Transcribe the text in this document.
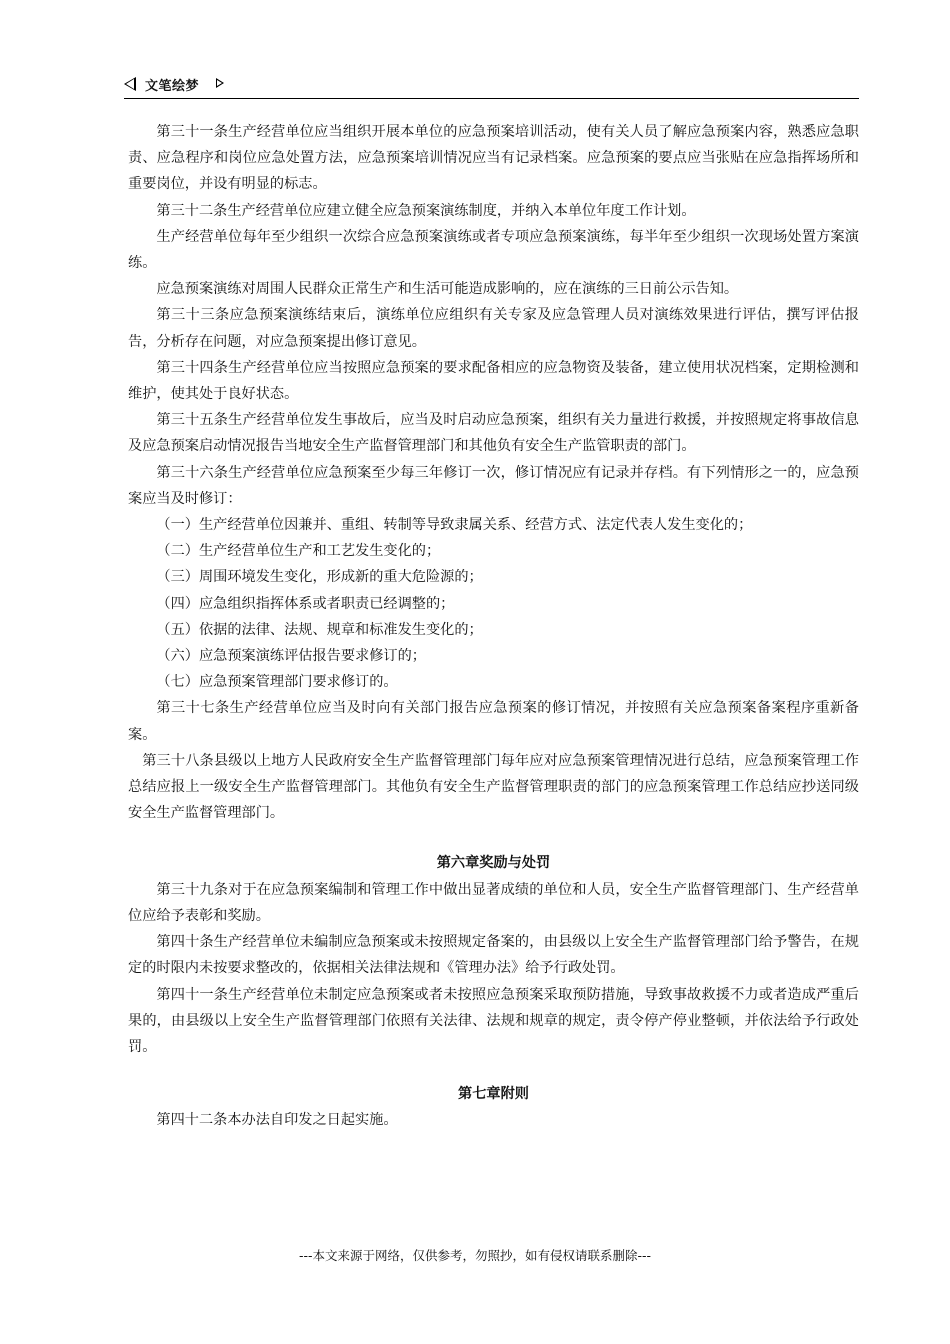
文笔绘梦

第三十一条生产经营单位应当组织开展本单位的应急预案培训活动，使有关人员了解应急预案内容，熟悉应急职责、应急程序和岗位应急处置方法，应急预案培训情况应当有记录档案。应急预案的要点应当张贴在应急指挥场所和重要岗位，并设有明显的标志。

第三十二条生产经营单位应建立健全应急预案演练制度，并纳入本单位年度工作计划。

生产经营单位每年至少组织一次综合应急预案演练或者专项应急预案演练，每半年至少组织一次现场处置方案演练。

应急预案演练对周围人民群众正常生产和生活可能造成影响的，应在演练的三日前公示告知。

第三十三条应急预案演练结束后，演练单位应组织有关专家及应急管理人员对演练效果进行评估，撰写评估报告，分析存在问题，对应急预案提出修订意见。

第三十四条生产经营单位应当按照应急预案的要求配备相应的应急物资及装备，建立使用状况档案，定期检测和维护，使其处于良好状态。

第三十五条生产经营单位发生事故后，应当及时启动应急预案，组织有关力量进行救援，并按照规定将事故信息及应急预案启动情况报告当地安全生产监督管理部门和其他负有安全生产监管职责的部门。

第三十六条生产经营单位应急预案至少每三年修订一次，修订情况应有记录并存档。有下列情形之一的，应急预案应当及时修订：

（一）生产经营单位因兼并、重组、转制等导致隶属关系、经营方式、法定代表人发生变化的；

（二）生产经营单位生产和工艺发生变化的；

（三）周围环境发生变化，形成新的重大危险源的；

（四）应急组织指挥体系或者职责已经调整的；

（五）依据的法律、法规、规章和标准发生变化的；

（六）应急预案演练评估报告要求修订的；

（七）应急预案管理部门要求修订的。

第三十七条生产经营单位应当及时向有关部门报告应急预案的修订情况，并按照有关应急预案备案程序重新备案。

第三十八条县级以上地方人民政府安全生产监督管理部门每年应对应急预案管理情况进行总结，应急预案管理工作总结应报上一级安全生产监督管理部门。其他负有安全生产监督管理职责的部门的应急预案管理工作总结应抄送同级安全生产监督管理部门。

第六章奖励与处罚

第三十九条对于在应急预案编制和管理工作中做出显著成绩的单位和人员，安全生产监督管理部门、生产经营单位应给予表彰和奖励。

第四十条生产经营单位未编制应急预案或未按照规定备案的，由县级以上安全生产监督管理部门给予警告，在规定的时限内未按要求整改的，依据相关法律法规和《管理办法》给予行政处罚。

第四十一条生产经营单位未制定应急预案或者未按照应急预案采取预防措施，导致事故救援不力或者造成严重后果的，由县级以上安全生产监督管理部门依照有关法律、法规和规章的规定，责令停产停业整顿，并依法给予行政处罚。

第七章附则

第四十二条本办法自印发之日起实施。

---本文来源于网络，仅供参考，勿照抄，如有侵权请联系删除---
